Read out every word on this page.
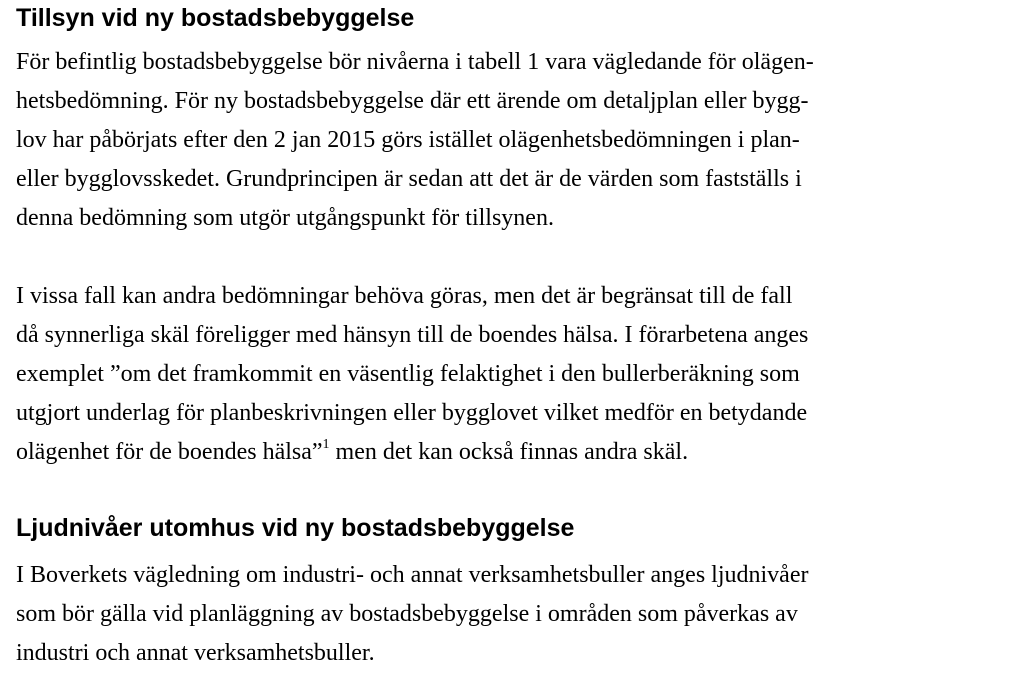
Tillsyn vid ny bostadsbebyggelse
För befintlig bostadsbebyggelse bör nivåerna i tabell 1 vara vägledande för olägen-
hetsbedömning. För ny bostadsbebyggelse där ett ärende om detaljplan eller bygg-
lov har påbörjats efter den 2 jan 2015 görs istället olägenhetsbedömningen i plan-
eller bygglovsskedet. Grundprincipen är sedan att det är de värden som fastställs i
denna bedömning som utgör utgångspunkt för tillsynen.
I vissa fall kan andra bedömningar behöva göras, men det är begränsat till de fall
då synnerliga skäl föreligger med hänsyn till de boendes hälsa. I förarbetena anges
exemplet ”om det framkommit en väsentlig felaktighet i den bullerberäkning som
utgjort underlag för planbeskrivningen eller bygglovet vilket medför en betydande
olägenhet för de boendes hälsa”$^1$ men det kan också finnas andra skäl.
Ljudnivåer utomhus vid ny bostadsbebyggelse
I Boverkets vägledning om industri- och annat verksamhetsbuller anges ljudnivåer
som bör gälla vid planläggning av bostadsbebyggelse i områden som påverkas av
industri och annat verksamhetsbuller.
